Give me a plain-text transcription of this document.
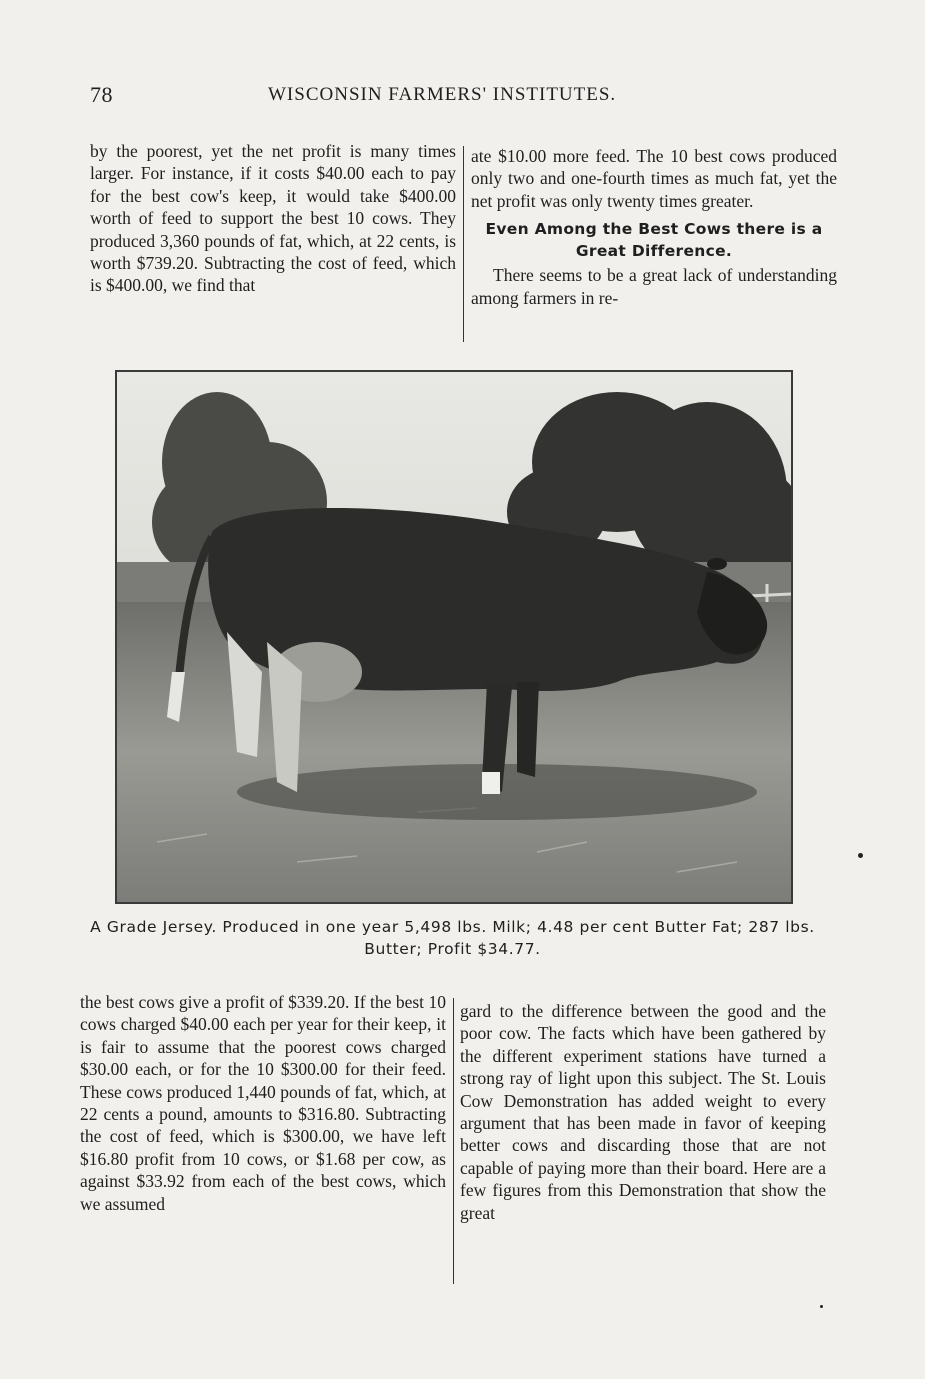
78	WISCONSIN FARMERS' INSTITUTES.

by the poorest, yet the net profit is many times larger. For instance, if it costs $40.00 each to pay for the best cow's keep, it would take $400.00 worth of feed to support the best 10 cows. They produced 3,360 pounds of fat, which, at 22 cents, is worth $739.20. Subtracting the cost of feed, which is $400.00, we find that

ate $10.00 more feed. The 10 best cows produced only two and one-fourth times as much fat, yet the net profit was only twenty times greater.

Even Among the Best Cows there is a Great Difference.

There seems to be a great lack of understanding among farmers in re-

A Grade Jersey. Produced in one year 5,498 lbs. Milk; 4.48 per cent Butter Fat; 287 lbs. Butter; Profit $34.77.

the best cows give a profit of $339.20. If the best 10 cows charged $40.00 each per year for their keep, it is fair to assume that the poorest cows charged $30.00 each, or for the 10 $300.00 for their feed. These cows produced 1,440 pounds of fat, which, at 22 cents a pound, amounts to $316.80. Subtracting the cost of feed, which is $300.00, we have left $16.80 profit from 10 cows, or $1.68 per cow, as against $33.92 from each of the best cows, which we assumed

gard to the difference between the good and the poor cow. The facts which have been gathered by the different experiment stations have turned a strong ray of light upon this subject. The St. Louis Cow Demonstration has added weight to every argument that has been made in favor of keeping better cows and discarding those that are not capable of paying more than their board. Here are a few figures from this Demonstration that show the great
